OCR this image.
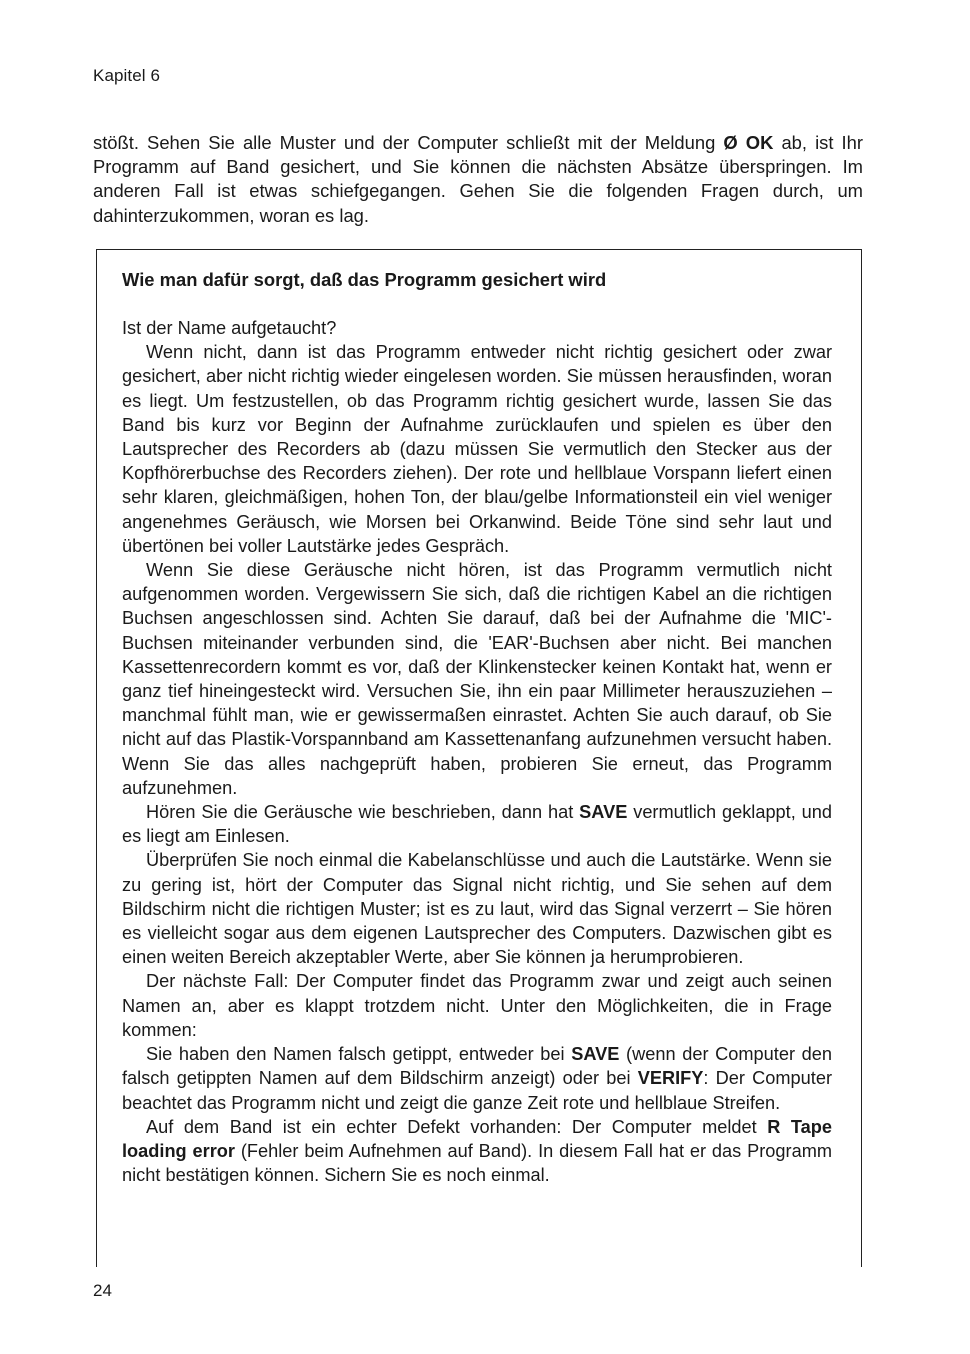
Kapitel 6

stößt. Sehen Sie alle Muster und der Computer schließt mit der Meldung Ø OK ab, ist Ihr Programm auf Band gesichert, und Sie können die nächsten Absätze überspringen. Im anderen Fall ist etwas schiefgegangen. Gehen Sie die folgenden Fragen durch, um dahinterzukommen, woran es lag.

Wie man dafür sorgt, daß das Programm gesichert wird

Ist der Name aufgetaucht?

Wenn nicht, dann ist das Programm entweder nicht richtig gesichert oder zwar gesichert, aber nicht richtig wieder eingelesen worden. Sie müssen herausfinden, woran es liegt. Um festzustellen, ob das Programm richtig gesichert wurde, lassen Sie das Band bis kurz vor Beginn der Aufnahme zurücklaufen und spielen es über den Lautsprecher des Recorders ab (dazu müssen Sie vermutlich den Stecker aus der Kopfhörerbuchse des Recorders ziehen). Der rote und hellblaue Vorspann liefert einen sehr klaren, gleichmäßigen, hohen Ton, der blau/gelbe Informationsteil ein viel weniger angenehmes Geräusch, wie Morsen bei Orkanwind. Beide Töne sind sehr laut und übertönen bei voller Lautstärke jedes Gespräch.

Wenn Sie diese Geräusche nicht hören, ist das Programm vermutlich nicht aufgenommen worden. Vergewissern Sie sich, daß die richtigen Kabel an die richtigen Buchsen angeschlossen sind. Achten Sie darauf, daß bei der Aufnahme die 'MIC'-Buchsen miteinander verbunden sind, die 'EAR'-Buchsen aber nicht. Bei manchen Kassettenrecordern kommt es vor, daß der Klinkenstecker keinen Kontakt hat, wenn er ganz tief hineingesteckt wird. Versuchen Sie, ihn ein paar Millimeter herauszuziehen – manchmal fühlt man, wie er gewissermaßen einrastet. Achten Sie auch darauf, ob Sie nicht auf das Plastik-Vorspannband am Kassettenanfang aufzunehmen versucht haben. Wenn Sie das alles nachgeprüft haben, probieren Sie erneut, das Programm aufzunehmen.

Hören Sie die Geräusche wie beschrieben, dann hat SAVE vermutlich geklappt, und es liegt am Einlesen.

Überprüfen Sie noch einmal die Kabelanschlüsse und auch die Lautstärke. Wenn sie zu gering ist, hört der Computer das Signal nicht richtig, und Sie sehen auf dem Bildschirm nicht die richtigen Muster; ist es zu laut, wird das Signal verzerrt – Sie hören es vielleicht sogar aus dem eigenen Lautsprecher des Computers. Dazwischen gibt es einen weiten Bereich akzeptabler Werte, aber Sie können ja herumprobieren.

Der nächste Fall: Der Computer findet das Programm zwar und zeigt auch seinen Namen an, aber es klappt trotzdem nicht. Unter den Möglichkeiten, die in Frage kommen:

Sie haben den Namen falsch getippt, entweder bei SAVE (wenn der Computer den falsch getippten Namen auf dem Bildschirm anzeigt) oder bei VERIFY: Der Computer beachtet das Programm nicht und zeigt die ganze Zeit rote und hellblaue Streifen.

Auf dem Band ist ein echter Defekt vorhanden: Der Computer meldet R Tape loading error (Fehler beim Aufnehmen auf Band). In diesem Fall hat er das Programm nicht bestätigen können. Sichern Sie es noch einmal.

24
